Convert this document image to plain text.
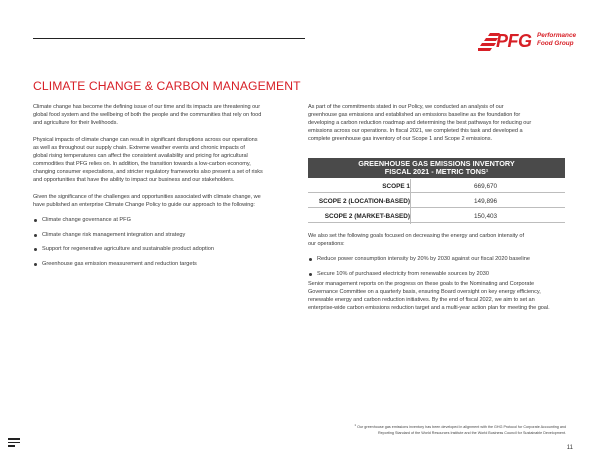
PFG Performance
Food Group
CLIMATE CHANGE & CARBON MANAGEMENT
Climate change has become the defining issue of our time and its impacts are threatening our
global food system and the wellbeing of both the people and the communities that rely on food
and agriculture for their livelihoods.
Physical impacts of climate change can result in significant disruptions across our operations
as well as throughout our supply chain. Extreme weather events and chronic impacts of
global rising temperatures can affect the consistent availability and pricing for agricultural
commodities that PFG relies on. In addition, the transition towards a low-carbon economy,
changing consumer expectations, and stricter regulatory frameworks also present a set of risks
and opportunities that have the ability to impact our business and our stakeholders.
Given the significance of the challenges and opportunities associated with climate change, we
have published an enterprise Climate Change Policy to guide our approach to the following:
Climate change governance at PFG
Climate change risk management integration and strategy
Support for regenerative agriculture and sustainable product adoption
Greenhouse gas emission measurement and reduction targets
As part of the commitments stated in our Policy, we conducted an analysis of our
greenhouse gas emissions and established an emissions baseline as the foundation for
developing a carbon reduction roadmap and determining the best pathways for reducing our
emissions across our operations. In fiscal 2021, we completed this task and developed a
complete greenhouse gas inventory of our Scope 1 and Scope 2 emissions.
GREENHOUSE GAS EMISSIONS INVENTORY
FISCAL 2021 - METRIC TONS¹
SCOPE 1	669,670
SCOPE 2 (LOCATION-BASED)	149,896
SCOPE 2 (MARKET-BASED)	150,403
We also set the following goals focused on decreasing the energy and carbon intensity of
our operations:
Reduce power consumption intensity by 20% by 2030 against our fiscal 2020 baseline
Secure 10% of purchased electricity from renewable sources by 2030
Senior management reports on the progress on these goals to the Nominating and Corporate
Governance Committee on a quarterly basis, ensuring Board oversight on key energy efficiency,
renewable energy and carbon reduction initiatives. By the end of fiscal 2022, we aim to set an
enterprise-wide carbon emissions reduction target and a multi-year action plan for meeting the goal.
$^1$ Our greenhouse gas emissions inventory has been developed in alignment with the GHG Protocol for Corporate Accounting and
Reporting Standard of the World Resources Institute and the World Business Council for Sustainable Development.
11
